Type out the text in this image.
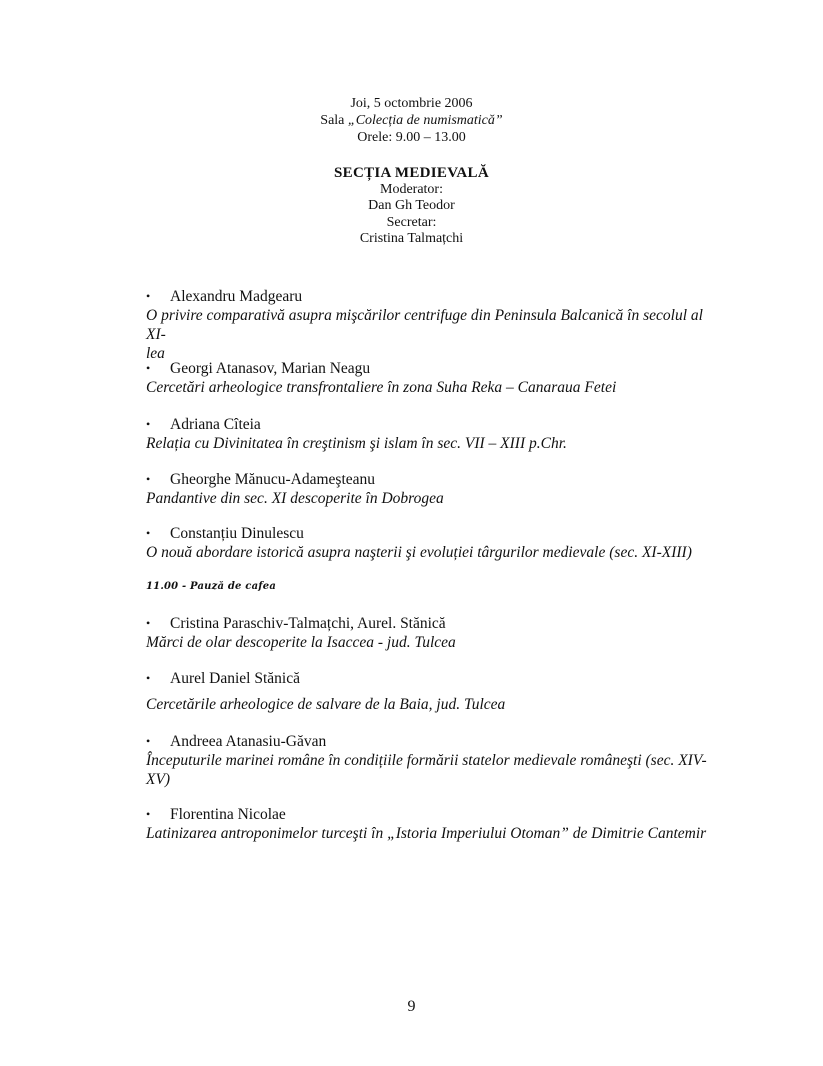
Joi, 5 octombrie 2006
Sala „Colecția de numismatică”
Orele: 9.00 – 13.00
SECȚIA MEDIEVALĂ
Moderator:
Dan Gh Teodor
Secretar:
Cristina Talmațchi
• Alexandru Madgearu
O privire comparativă asupra mişcărilor centrifuge din Peninsula Balcanică în secolul al XI-
lea
• Georgi Atanasov, Marian Neagu
Cercetări arheologice transfrontaliere în zona Suha Reka – Canaraua Fetei
• Adriana Cîteia
Relația cu Divinitatea în creştinism şi islam în sec. VII – XIII p.Chr.
• Gheorghe Mănucu-Adameşteanu
Pandantive din sec. XI descoperite în Dobrogea
• Constanțiu Dinulescu
O nouă abordare istorică asupra naşterii şi evoluției târgurilor medievale (sec. XI-XIII)
11.00 - Pauză de cafea
• Cristina Paraschiv-Talmațchi, Aurel. Stănică
Mărci de olar descoperite la Isaccea - jud. Tulcea
• Aurel Daniel Stănică
Cercetările arheologice de salvare de la Baia, jud. Tulcea
• Andreea Atanasiu-Găvan
Începuturile marinei române în condițiile formării statelor medievale româneşti (sec. XIV-
XV)
• Florentina Nicolae
Latinizarea antroponimelor turceşti în „Istoria Imperiului Otoman” de Dimitrie Cantemir
9
